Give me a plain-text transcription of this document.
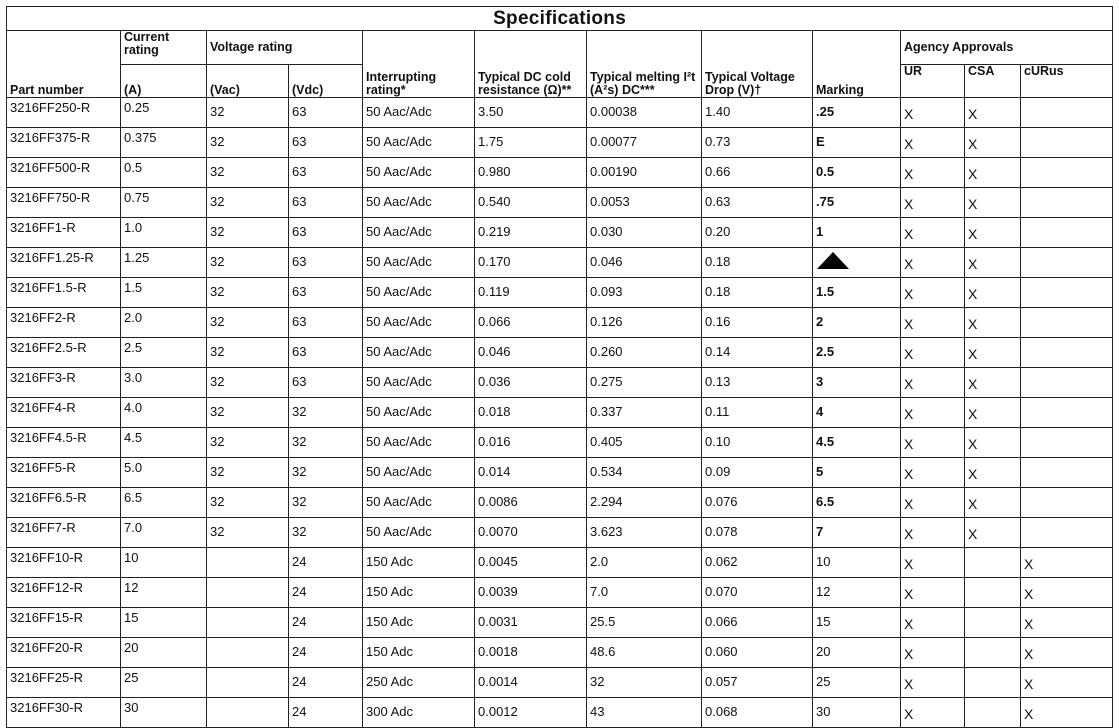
Specifications											
Part number	Current rating	Voltage rating		Interrupting rating*	Typical DC cold resistance (Ω)**	Typical melting I²t (A²s) DC***	Typical Voltage Drop (V)†	Marking	Agency Approvals		
	(A)	(Vac)	(Vdc)						UR	CSA	cURus
3216FF250-R	0.25	32	63	50 Aac/Adc	3.50	0.00038	1.40	.25	X	X	
3216FF375-R	0.375	32	63	50 Aac/Adc	1.75	0.00077	0.73	E	X	X	
3216FF500-R	0.5	32	63	50 Aac/Adc	0.980	0.00190	0.66	0.5	X	X	
3216FF750-R	0.75	32	63	50 Aac/Adc	0.540	0.0053	0.63	.75	X	X	
3216FF1-R	1.0	32	63	50 Aac/Adc	0.219	0.030	0.20	1	X	X	
3216FF1.25-R	1.25	32	63	50 Aac/Adc	0.170	0.046	0.18		X	X	
3216FF1.5-R	1.5	32	63	50 Aac/Adc	0.119	0.093	0.18	1.5	X	X	
3216FF2-R	2.0	32	63	50 Aac/Adc	0.066	0.126	0.16	2	X	X	
3216FF2.5-R	2.5	32	63	50 Aac/Adc	0.046	0.260	0.14	2.5	X	X	
3216FF3-R	3.0	32	63	50 Aac/Adc	0.036	0.275	0.13	3	X	X	
3216FF4-R	4.0	32	32	50 Aac/Adc	0.018	0.337	0.11	4	X	X	
3216FF4.5-R	4.5	32	32	50 Aac/Adc	0.016	0.405	0.10	4.5	X	X	
3216FF5-R	5.0	32	32	50 Aac/Adc	0.014	0.534	0.09	5	X	X	
3216FF6.5-R	6.5	32	32	50 Aac/Adc	0.0086	2.294	0.076	6.5	X	X	
3216FF7-R	7.0	32	32	50 Aac/Adc	0.0070	3.623	0.078	7	X	X	
3216FF10-R	10		24	150 Adc	0.0045	2.0	0.062	10	X		X
3216FF12-R	12		24	150 Adc	0.0039	7.0	0.070	12	X		X
3216FF15-R	15		24	150 Adc	0.0031	25.5	0.066	15	X		X
3216FF20-R	20		24	150 Adc	0.0018	48.6	0.060	20	X		X
3216FF25-R	25		24	250 Adc	0.0014	32	0.057	25	X		X
3216FF30-R	30		24	300 Adc	0.0012	43	0.068	30	X		X
